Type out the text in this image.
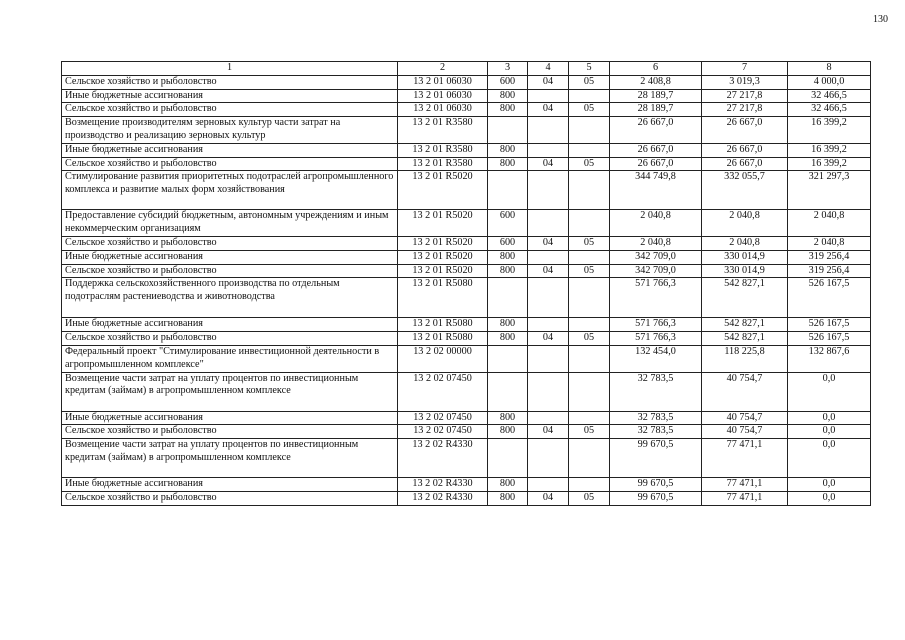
130
1	2	3	4	5	6	7	8
Сельское хозяйство и рыболовство	13 2 01 06030	600	04	05	2 408,8	3 019,3	4 000,0
Иные бюджетные ассигнования	13 2 01 06030	800			28 189,7	27 217,8	32 466,5
Сельское хозяйство и рыболовство	13 2 01 06030	800	04	05	28 189,7	27 217,8	32 466,5
Возмещение производителям зерновых культур части затрат на производство и реализацию зерновых культур	13 2 01 R3580				26 667,0	26 667,0	16 399,2
Иные бюджетные ассигнования	13 2 01 R3580	800			26 667,0	26 667,0	16 399,2
Сельское хозяйство и рыболовство	13 2 01 R3580	800	04	05	26 667,0	26 667,0	16 399,2
Стимулирование развития приоритетных подотраслей агропромышленного комплекса и развитие малых форм хозяйствования	13 2 01 R5020				344 749,8	332 055,7	321 297,3
Предоставление субсидий бюджетным, автономным учреждениям и иным некоммерческим организациям	13 2 01 R5020	600			2 040,8	2 040,8	2 040,8
Сельское хозяйство и рыболовство	13 2 01 R5020	600	04	05	2 040,8	2 040,8	2 040,8
Иные бюджетные ассигнования	13 2 01 R5020	800			342 709,0	330 014,9	319 256,4
Сельское хозяйство и рыболовство	13 2 01 R5020	800	04	05	342 709,0	330 014,9	319 256,4
Поддержка сельскохозяйственного производства по отдельным подотраслям растениеводства и животноводства	13 2 01 R5080				571 766,3	542 827,1	526 167,5
Иные бюджетные ассигнования	13 2 01 R5080	800			571 766,3	542 827,1	526 167,5
Сельское хозяйство и рыболовство	13 2 01 R5080	800	04	05	571 766,3	542 827,1	526 167,5
Федеральный проект "Стимулирование инвестиционной деятельности в агропромышленном комплексе"	13 2 02 00000				132 454,0	118 225,8	132 867,6
Возмещение части затрат на уплату процентов по инвестиционным кредитам (займам) в агропромышленном комплексе	13 2 02 07450				32 783,5	40 754,7	0,0
Иные бюджетные ассигнования	13 2 02 07450	800			32 783,5	40 754,7	0,0
Сельское хозяйство и рыболовство	13 2 02 07450	800	04	05	32 783,5	40 754,7	0,0
Возмещение части затрат на уплату процентов по инвестиционным кредитам (займам) в агропромышленном комплексе	13 2 02 R4330				99 670,5	77 471,1	0,0
Иные бюджетные ассигнования	13 2 02 R4330	800			99 670,5	77 471,1	0,0
Сельское хозяйство и рыболовство	13 2 02 R4330	800	04	05	99 670,5	77 471,1	0,0
